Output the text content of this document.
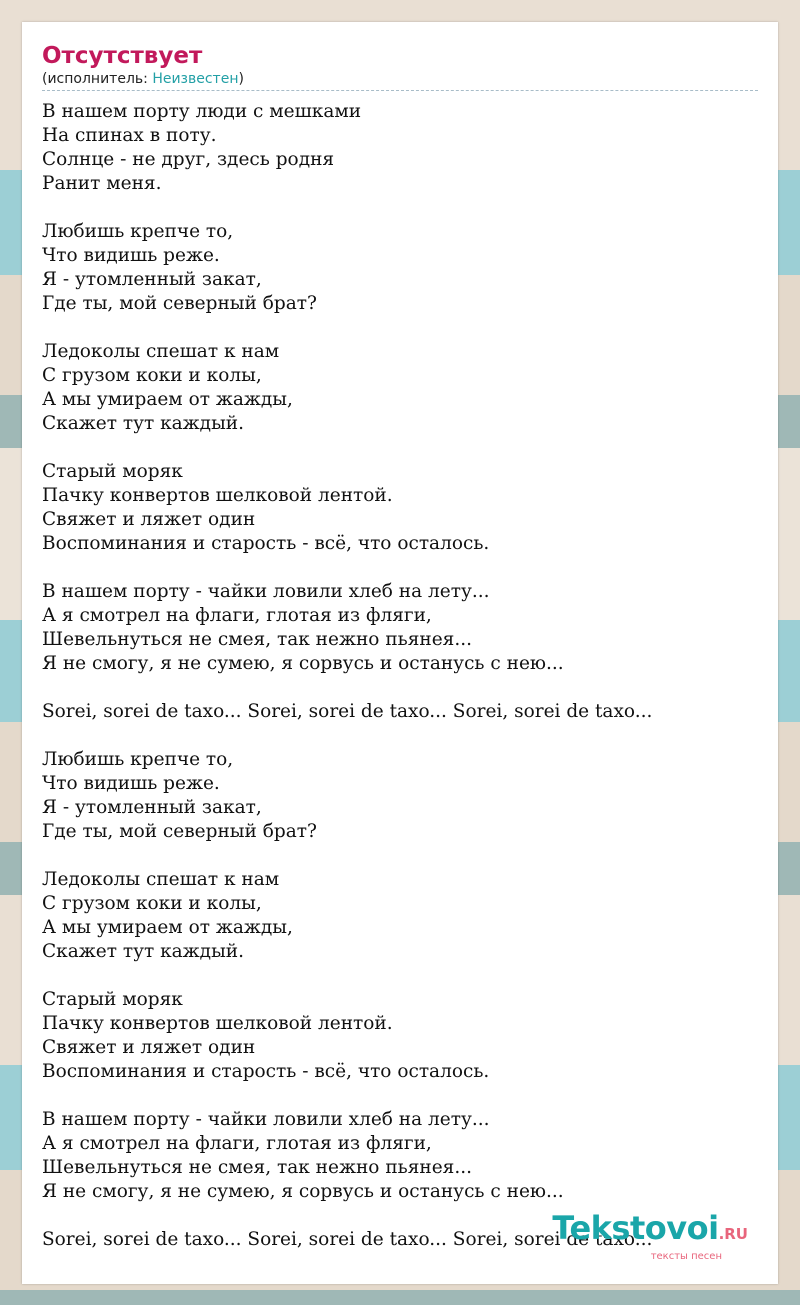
Отсутствует
(исполнитель: Неизвестен)
В нашем порту люди с мешками
На спинах в поту.
Солнце - не друг, здесь родня
Ранит меня.
Любишь крепче то,
Что видишь реже.
Я - утомленный закат,
Где ты, мой северный брат?
Ледоколы спешат к нам
С грузом коки и колы,
А мы умираем от жажды,
Скажет тут каждый.
Старый моряк
Пачку конвертов шелковой лентой.
Свяжет и ляжет один
Воспоминания и старость - всё, что осталось.
В нашем порту - чайки ловили хлеб на лету...
А я смотрел на флаги, глотая из фляги,
Шевельнуться не смея, так нежно пьянея...
Я не смогу, я не сумею, я сорвусь и останусь с нею...
Sorei, sorei de taxo... Sorei, sorei de taxo... Sorei, sorei de taxo...
Любишь крепче то,
Что видишь реже.
Я - утомленный закат,
Где ты, мой северный брат?
Ледоколы спешат к нам
С грузом коки и колы,
А мы умираем от жажды,
Скажет тут каждый.
Старый моряк
Пачку конвертов шелковой лентой.
Свяжет и ляжет один
Воспоминания и старость - всё, что осталось.
В нашем порту - чайки ловили хлеб на лету...
А я смотрел на флаги, глотая из фляги,
Шевельнуться не смея, так нежно пьянея...
Я не смогу, я не сумею, я сорвусь и останусь с нею...
Sorei, sorei de taxo... Sorei, sorei de taxo... Sorei, sorei de taxo...
Tekstovoi.RU
тексты песен
